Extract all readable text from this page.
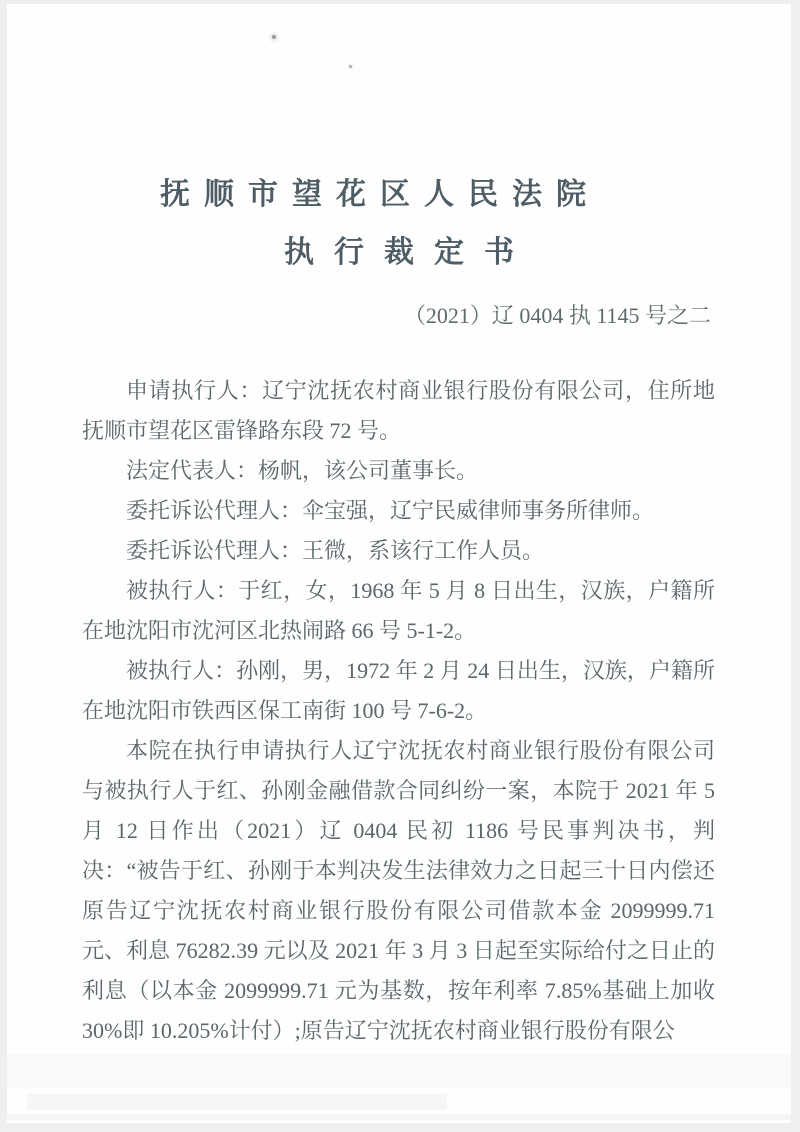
抚顺市望花区人民法院
执行裁定书
（2021）辽 0404 执 1145 号之二

申请执行人：辽宁沈抚农村商业银行股份有限公司，住所地抚顺市望花区雷锋路东段 72 号。

法定代表人：杨帆，该公司董事长。

委托诉讼代理人：伞宝强，辽宁民威律师事务所律师。

委托诉讼代理人：王微，系该行工作人员。

被执行人：于红，女，1968 年 5 月 8 日出生，汉族，户籍所在地沈阳市沈河区北热闹路 66 号 5-1-2。

被执行人：孙刚，男，1972 年 2 月 24 日出生，汉族，户籍所在地沈阳市铁西区保工南街 100 号 7-6-2。

本院在执行申请执行人辽宁沈抚农村商业银行股份有限公司与被执行人于红、孙刚金融借款合同纠纷一案，本院于 2021 年 5 月 12 日作出（2021）辽 0404 民初 1186 号民事判决书，判决：“被告于红、孙刚于本判决发生法律效力之日起三十日内偿还原告辽宁沈抚农村商业银行股份有限公司借款本金 2099999.71 元、利息 76282.39 元以及 2021 年 3 月 3 日起至实际给付之日止的利息（以本金 2099999.71 元为基数，按年利率 7.85%基础上加收 30%即 10.205%计付）;原告辽宁沈抚农村商业银行股份有限公
